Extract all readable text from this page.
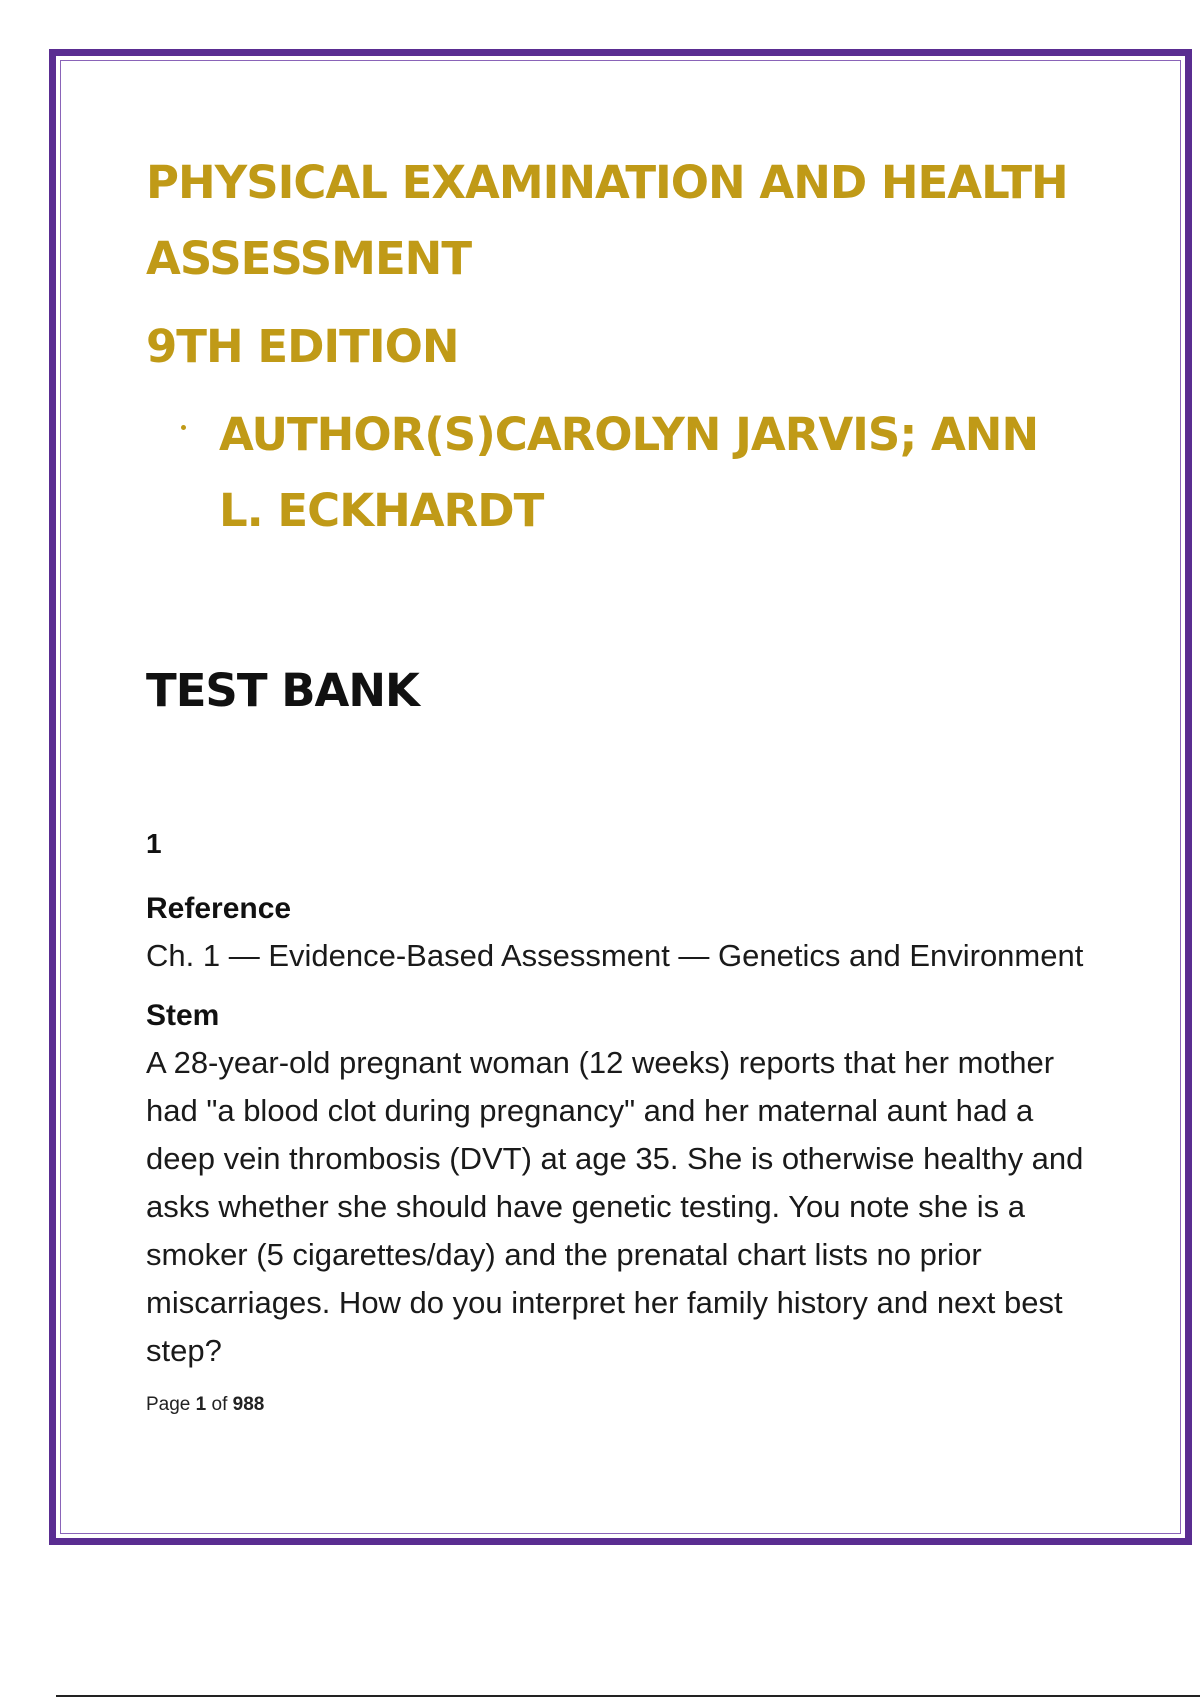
PHYSICAL EXAMINATION AND HEALTH ASSESSMENT
9TH EDITION

AUTHOR(S)CAROLYN JARVIS; ANN L. ECKHARDT

TEST BANK
1
Reference

Ch. 1 — Evidence-Based Assessment — Genetics and Environment

Stem

A 28-year-old pregnant woman (12 weeks) reports that her mother had "a blood clot during pregnancy" and her maternal aunt had a deep vein thrombosis (DVT) at age 35. She is otherwise healthy and asks whether she should have genetic testing. You note she is a smoker (5 cigarettes/day) and the prenatal chart lists no prior miscarriages. How do you interpret her family history and next best step?

Page 1 of 988
